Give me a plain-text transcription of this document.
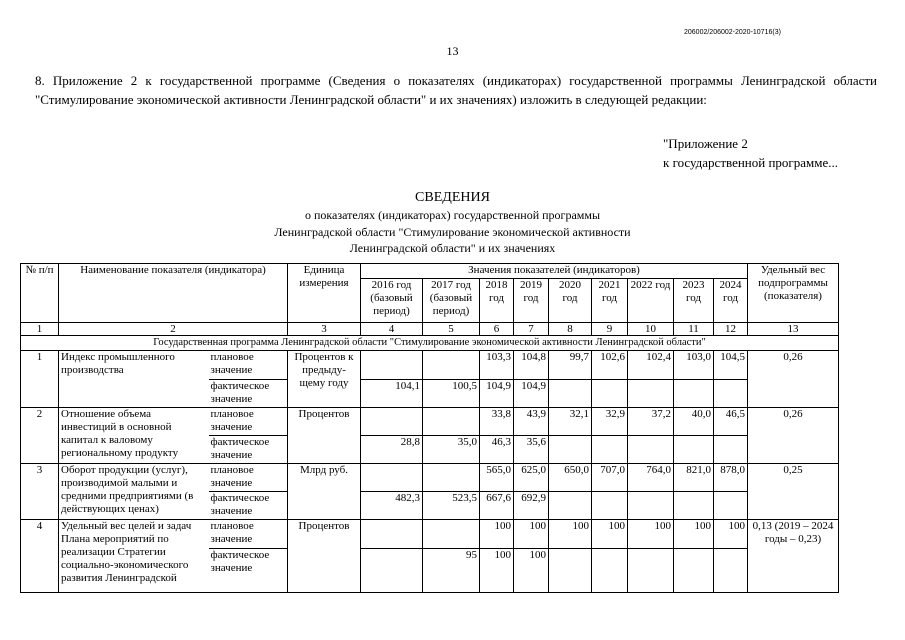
206002/206002-2020-10716(3)
13
8. Приложение 2 к государственной программе (Сведения о показателях (индикаторах) государственной программы Ленинградской области "Стимулирование экономической активности Ленинградской области" и их значениях) изложить в следующей редакции:
"Приложение 2
к государственной программе...
СВЕДЕНИЯ
о показателях (индикаторах) государственной программы
Ленинградской области "Стимулирование экономической активности
Ленинградской области" и их значениях
№ п/п	Наименование показателя (индикатора)		Единица измерения	Значения показателей (индикаторов)									Удельный вес подпрограммы (показателя)
				2016 год (базовый период)	2017 год (базовый период)	2018 год	2019 год	2020 год	2021 год	2022 год	2023 год	2024 год	
1	2		3	4	5	6	7	8	9	10	11	12	13
Государственная программа Ленинградской области "Стимулирование экономической активности Ленинградской области"													
1	Индекс промышленного производства	плановое значение	Процентов к предыду-щему году			103,3	104,8	99,7	102,6	102,4	103,0	104,5	0,26
		фактическое значение		104,1	100,5	104,9	104,9						
2	Отношение объема инвестиций в основной капитал к валовому региональному продукту	плановое значение	Процентов			33,8	43,9	32,1	32,9	37,2	40,0	46,5	0,26
		фактическое значение		28,8	35,0	46,3	35,6						
3	Оборот продукции (услуг), производимой малыми и средними предприятиями (в действующих ценах)	плановое значение	Млрд руб.			565,0	625,0	650,0	707,0	764,0	821,0	878,0	0,25
		фактическое значение		482,3	523,5	667,6	692,9						
4	Удельный вес целей и задач Плана мероприятий по реализации Стратегии социально-экономического развития Ленинградской	плановое значение	Процентов			100	100	100	100	100	100	100	0,13 (2019 – 2024 годы – 0,23)
		фактическое значение			95	100	100						
